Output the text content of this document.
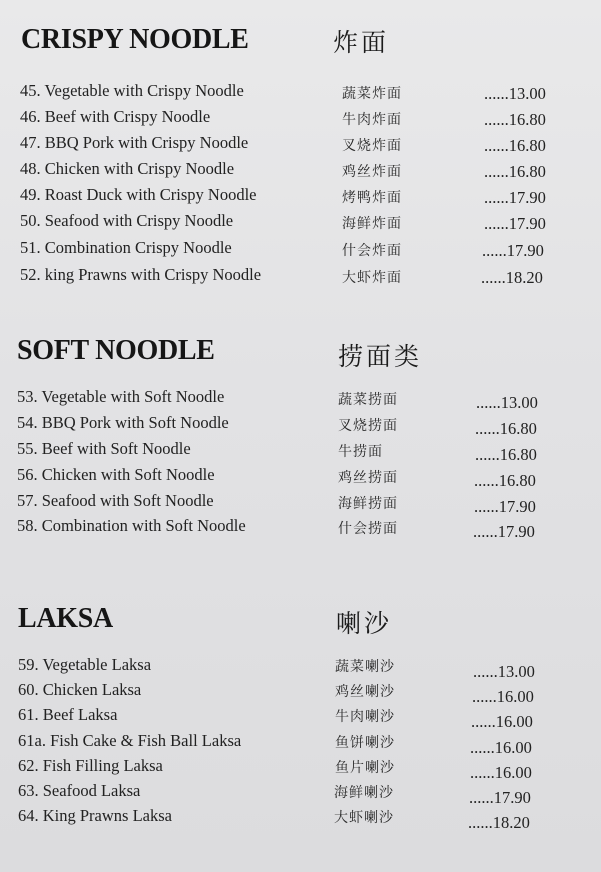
CRISPY NOODLE	炸面
45. Vegetable with Crispy Noodle	蔬菜炸面	......13.00
46. Beef with Crispy Noodle	牛肉炸面	......16.80
47. BBQ Pork with Crispy Noodle	叉烧炸面	......16.80
48. Chicken with Crispy Noodle	鸡丝炸面	......16.80
49. Roast Duck with Crispy Noodle	烤鸭炸面	......17.90
50. Seafood with Crispy Noodle	海鲜炸面	......17.90
51. Combination Crispy Noodle	什会炸面	......17.90
52. king Prawns with Crispy Noodle	大虾炸面	......18.20
SOFT NOODLE	捞面类
53. Vegetable with Soft Noodle	蔬菜捞面	......13.00
54. BBQ Pork with Soft Noodle	叉烧捞面	......16.80
55. Beef with Soft Noodle	牛捞面	......16.80
56. Chicken with Soft Noodle	鸡丝捞面	......16.80
57. Seafood with Soft Noodle	海鲜捞面	......17.90
58. Combination with Soft Noodle	什会捞面	......17.90
LAKSA	喇沙
59. Vegetable Laksa	蔬菜喇沙	......13.00
60. Chicken Laksa	鸡丝喇沙	......16.00
61. Beef Laksa	牛肉喇沙	......16.00
61a. Fish Cake & Fish Ball Laksa	鱼饼喇沙	......16.00
62. Fish Filling Laksa	鱼片喇沙	......16.00
63. Seafood Laksa	海鲜喇沙	......17.90
64. King Prawns Laksa	大虾喇沙	......18.20
